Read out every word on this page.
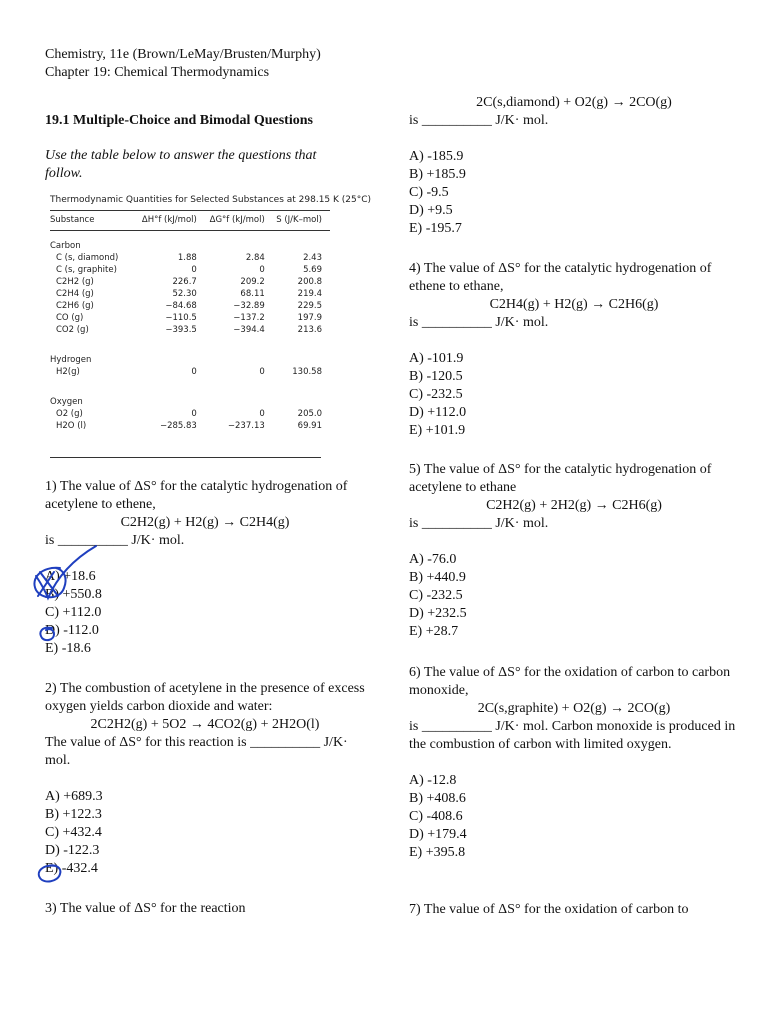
Chemistry, 11e (Brown/LeMay/Brusten/Murphy)
Chapter 19: Chemical Thermodynamics
19.1 Multiple-Choice and Bimodal Questions
Use the table below to answer the questions that follow.
Thermodynamic Quantities for Selected Substances at 298.15 K (25°C)
Substance	ΔH°f (kJ/mol)	ΔG°f (kJ/mol)	S (J/K–mol)
Carbon			
C (s, diamond)	1.88	2.84	2.43
C (s, graphite)	0	0	5.69
C2H2 (g)	226.7	209.2	200.8
C2H4 (g)	52.30	68.11	219.4
C2H6 (g)	−84.68	−32.89	229.5
CO (g)	−110.5	−137.2	197.9
CO2 (g)	−393.5	−394.4	213.6
Hydrogen			
H2(g)	0	0	130.58
Oxygen			
O2 (g)	0	0	205.0
H2O (l)	−285.83	−237.13	69.91
1) The value of ΔS° for the catalytic hydrogenation of acetylene to ethene,
C2H2(g) + H2(g) → C2H4(g)
is __________ J/K· mol.
A) +18.6
B) +550.8
C) +112.0
D) -112.0
E) -18.6
2) The combustion of acetylene in the presence of excess oxygen yields carbon dioxide and water:
2C2H2(g) + 5O2 → 4CO2(g) + 2H2O(l)
The value of ΔS° for this reaction is __________ J/K· mol.
A) +689.3
B) +122.3
C) +432.4
D) -122.3
E) -432.4
3) The value of ΔS° for the reaction
2C(s,diamond) + O2(g) → 2CO(g)
is __________ J/K· mol.
A) -185.9
B) +185.9
C) -9.5
D) +9.5
E) -195.7
4) The value of ΔS° for the catalytic hydrogenation of ethene to ethane,
C2H4(g) + H2(g) → C2H6(g)
is __________ J/K· mol.
A) -101.9
B) -120.5
C) -232.5
D) +112.0
E) +101.9
5) The value of ΔS° for the catalytic hydrogenation of acetylene to ethane
C2H2(g) + 2H2(g) → C2H6(g)
is __________ J/K· mol.
A) -76.0
B) +440.9
C) -232.5
D) +232.5
E) +28.7
6) The value of ΔS° for the oxidation of carbon to carbon monoxide,
2C(s,graphite) + O2(g) → 2CO(g)
is __________ J/K· mol. Carbon monoxide is produced in the combustion of carbon with limited oxygen.
A) -12.8
B) +408.6
C) -408.6
D) +179.4
E) +395.8
7) The value of ΔS° for the oxidation of carbon to
